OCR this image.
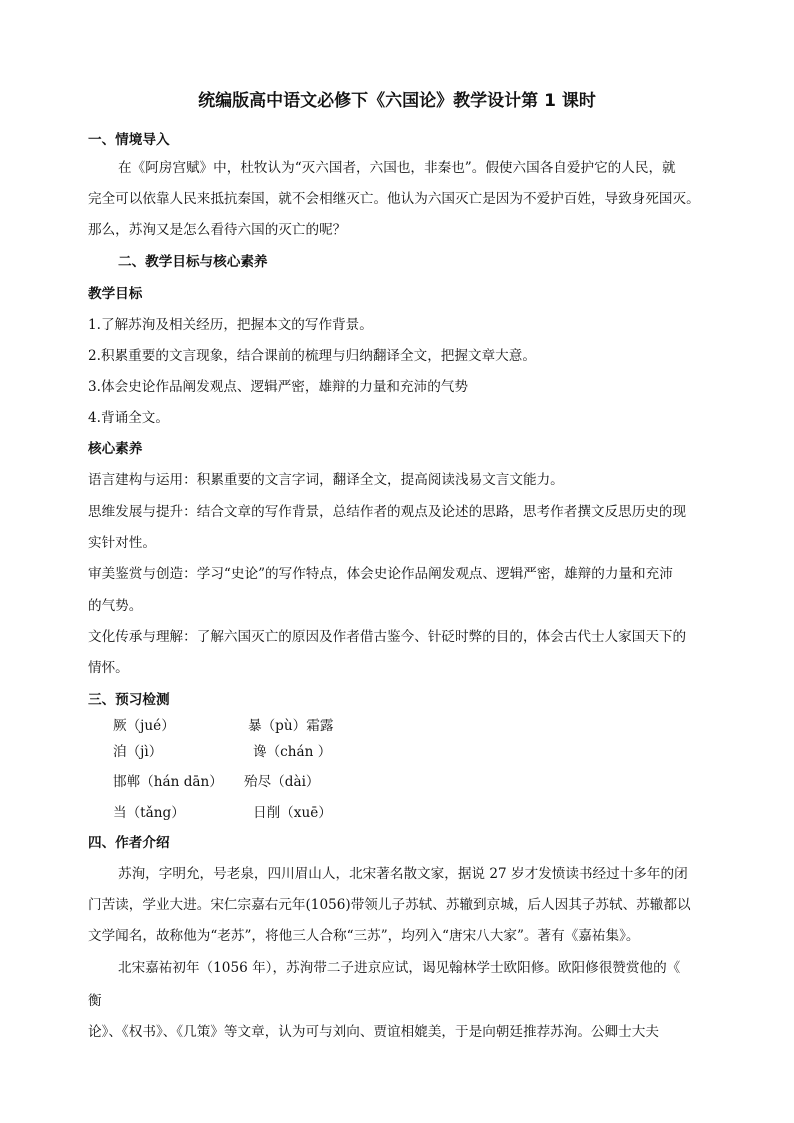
统编版高中语文必修下《六国论》教学设计第 1 课时
一、情境导入
在《阿房宫赋》中，杜牧认为“灭六国者，六国也，非秦也”。假使六国各自爱护它的人民，就
完全可以依靠人民来抵抗秦国，就不会相继灭亡。他认为六国灭亡是因为不爱护百姓，导致身死国灭。
那么，苏洵又是怎么看待六国的灭亡的呢？
二、教学目标与核心素养
教学目标
1.了解苏洵及相关经历，把握本文的写作背景。
2.积累重要的文言现象，结合课前的梳理与归纳翻译全文，把握文章大意。
3.体会史论作品阐发观点、逻辑严密，雄辩的力量和充沛的气势
4.背诵全文。
核心素养
语言建构与运用：积累重要的文言字词，翻译全文，提高阅读浅易文言文能力。
思维发展与提升：结合文章的写作背景，总结作者的观点及论述的思路，思考作者撰文反思历史的现
实针对性。
审美鉴赏与创造：学习“史论”的写作特点，体会史论作品阐发观点、逻辑严密，雄辩的力量和充沛
的气势。
文化传承与理解：了解六国灭亡的原因及作者借古鉴今、针砭时弊的目的，体会古代士人家国天下的
情怀。
三、预习检测
厥（jué）	暴（pù）霜露
洎（jì）	谗（chán ）
邯郸（hán dān） 殆尽（dài）
当（tǎng）	日削（xuē）
四、作者介绍
苏洵，字明允，号老泉，四川眉山人，北宋著名散文家，据说 27 岁才发愤读书经过十多年的闭
门苦读，学业大进。宋仁宗嘉右元年(1056)带领儿子苏轼、苏辙到京城，后人因其子苏轼、苏辙都以
文学闻名，故称他为“老苏”，将他三人合称“三苏”，均列入“唐宋八大家”。著有《嘉祐集》。
北宋嘉祐初年（1056 年），苏洵带二子进京应试，谒见翰林学士欧阳修。欧阳修很赞赏他的《
衡
论》、《权书》、《几策》等文章，认为可与刘向、贾谊相媲美，于是向朝廷推荐苏洵。公卿士大夫
